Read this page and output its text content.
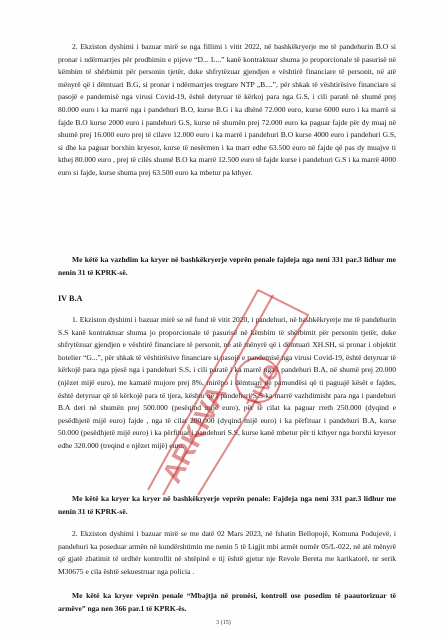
2. Ekziston dyshimi i bazuar mirë se nga fillimi i vitit 2022, në bashkëkryerje me të pandehurin B.O si pronar i ndërmarrjes për prodhimin e pijeve “D... L...” kanë kontraktuar shuma jo proporcionale të pasurisë në këmbim të shërbimit për personin tjetër, duke shfrytëzuar gjendjen e vështirë financiare të personit, në atë mënyrë që i dëmtuari B.G, si pronar i ndërmarrjes tregtare NTP „B....”, për shkak të vështirësive financiare si pasojë e pandemisë nga virusi Covid-19, është detyruar të kërkoj para nga G.S, i cili paratë në shumë prej 80.000 euro i ka marrë nga i pandehuri B.O, kurse B.G i ka dhënë 72.000 euro, kurse 6000 euro i ka marrë si fajde B.O kurse 2000 euro i pandehuri G.S, kurse në shumën prej 72.000 euro ka paguar fajde për dy muaj në shumë prej 16.000 euro prej të cilave 12.000 euro i ka marrë i pandehuri B.O kurse 4000 euro i pandehuri G.S, si dhe ka paguar borxhin kryesor, kurse të nesërmen i ka marr edhe 63.500 euro në fajde që pas dy muajve ti kthej 80.000 euro , prej të cilës shumë B.O ka marrë 12.500 euro të fajde kurse i pandehuri G.S i ka marrë 4000 euro si fajde, kurse shuma prej 63.500 euro ka mbetur pa kthyer.

Me këtë ka vazhdim ka kryer në bashkëkryerje veprën penale fajdeja nga neni 331 par.3 lidhur me nenin 31 të KPRK-së.

IV B.A

1. Ekziston dyshimi i bazuar mirë se në fund të vitit 2020, i pandehuri, në bashkëkryerje me të pandehurin S.S kanë kontraktuar shuma jo proporcionale të pasurisë në këmbim të shërbimit për personin tjetër, duke shfrytëzuar gjendjen e vështirë financiare të personit, në atë mënyrë që i dëmtuari XH.SH, si pronar i objektit hotelier “G...”, për shkak të vështirësive financiare si pasojë e pandemisë nga virusi Covid-19, është detyruar të kërkojë para nga pjesë nga i pandehuri S.S, i cili paratë i ka marrë nga i pandehuri B.A, në shumë prej 20.000 (njëzet mijë euro), me kamatë mujore prej 8%, mirëpo i dëmtuari në pamundësi që ti paguajë kësët e fajdes, është detyruar që të kërkojë para të tjera, kështu që i pandehuri S.S ka marrë vazhdimisht para nga i pandehuri B.A deri në shumën prej 500.000 (pesëqind mijë euro), për të cilat ka paguar rreth 250.000 (dyqind e pesëdhjetë mijë euro) fajde , nga të cilat 200.000 (dyqind mijë euro) i ka përfituar i pandehuri B.A, kurse 50.000 (pesëdhjetë mijë euro) i ka përfituar i pandehuri S.S, kurse kanë mbetur për ti kthyer nga borxhi kryesor edhe 320.000 (treqind e njëzet mijë) euro.

Me këtë ka kryer ka kryer në bashkëkryerje veprën penale: Fajdeja nga neni 331 par.3 lidhur me nenin 31 të KPRK-së.

2. Ekziston dyshimi i bazuar mirë se me datë 02 Mars 2023, në fshatin Bellopojë, Komuna Podujevë, i pandehuri ka poseduar armën në kundërshtimin me nenin 5 të Ligjit mbi armët numër 05/L-022, në atë mënyrë që gjatë zbatimit të urdhër kontrollit në shtëpinë e tij është gjetur nje Revole Bereta me karikatorë, nr serik M30675 e cila është sekuestruar nga policia .

Me këtë ka kryer veprën penale “Mbajtja në pronësi, kontroll ose posedim të paautorizuar të armëve” nga nen 366 par.1 të KPRK-ës.

3 (15)
ARKIVA TIVO
